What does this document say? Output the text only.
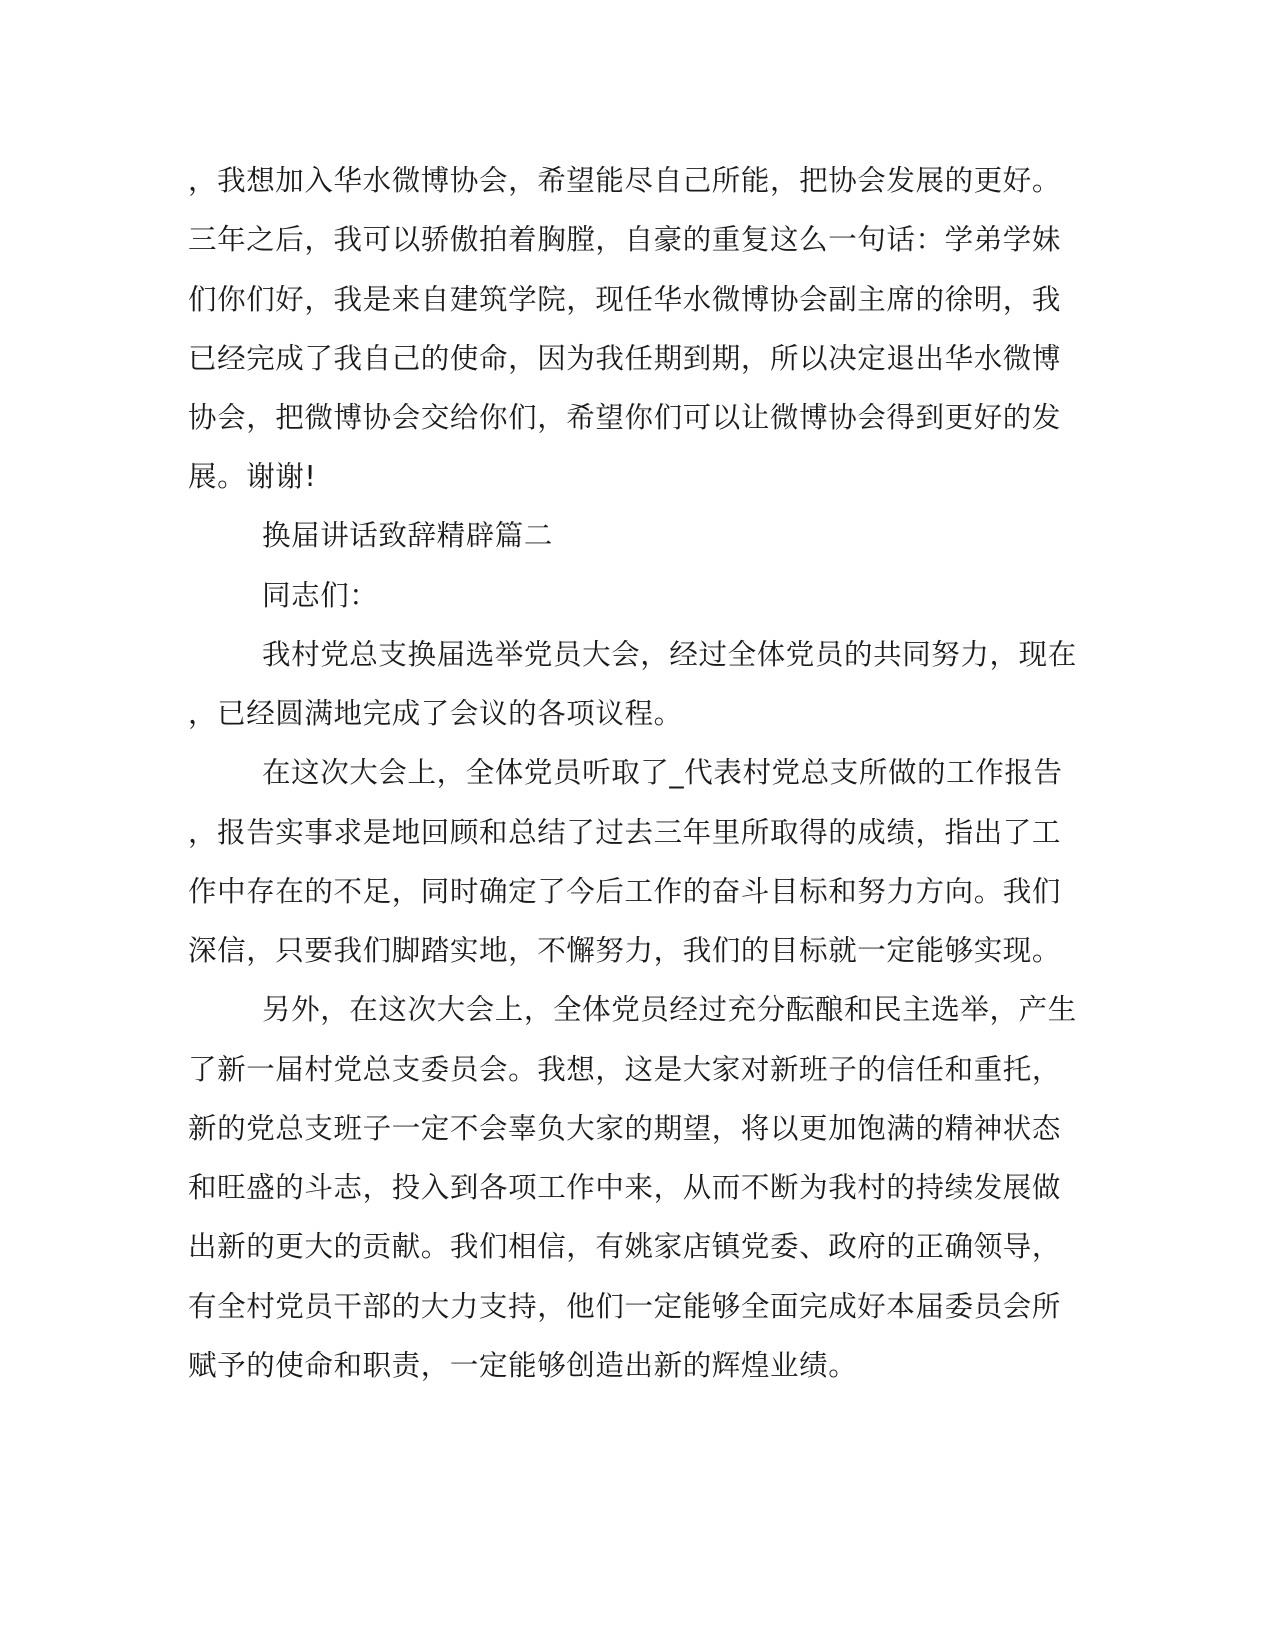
，我想加入华水微博协会，希望能尽自己所能，把协会发展的更好。
三年之后，我可以骄傲拍着胸膛，自豪的重复这么一句话：学弟学妹
们你们好，我是来自建筑学院，现任华水微博协会副主席的徐明，我
已经完成了我自己的使命，因为我任期到期，所以决定退出华水微博
协会，把微博协会交给你们，希望你们可以让微博协会得到更好的发
展。谢谢!
换届讲话致辞精辟篇二
同志们：
我村党总支换届选举党员大会，经过全体党员的共同努力，现在
，已经圆满地完成了会议的各项议程。
在这次大会上，全体党员听取了_代表村党总支所做的工作报告
，报告实事求是地回顾和总结了过去三年里所取得的成绩，指出了工
作中存在的不足，同时确定了今后工作的奋斗目标和努力方向。我们
深信，只要我们脚踏实地，不懈努力，我们的目标就一定能够实现。
另外，在这次大会上，全体党员经过充分酝酿和民主选举，产生
了新一届村党总支委员会。我想，这是大家对新班子的信任和重托，
新的党总支班子一定不会辜负大家的期望，将以更加饱满的精神状态
和旺盛的斗志，投入到各项工作中来，从而不断为我村的持续发展做
出新的更大的贡献。我们相信，有姚家店镇党委、政府的正确领导，
有全村党员干部的大力支持，他们一定能够全面完成好本届委员会所
赋予的使命和职责，一定能够创造出新的辉煌业绩。
